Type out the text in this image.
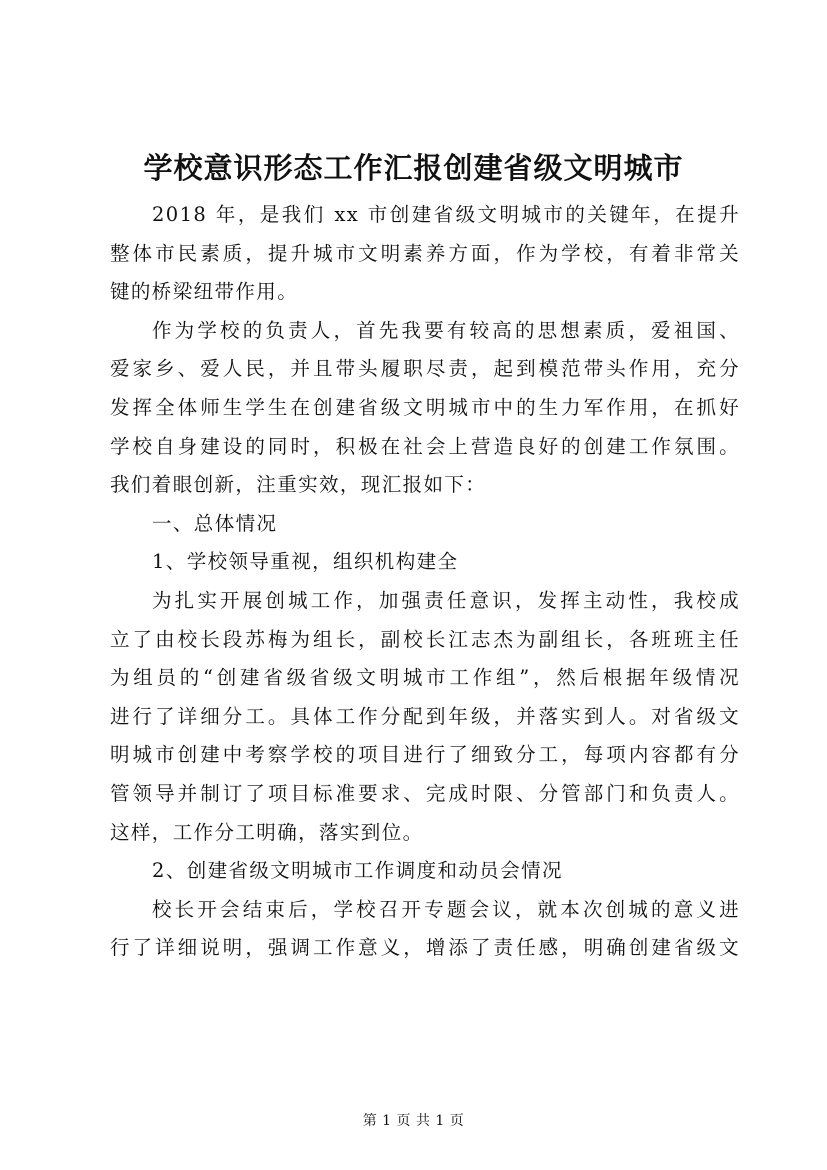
学校意识形态工作汇报创建省级文明城市
2018 年，是我们 xx 市创建省级文明城市的关键年，在提升
整体市民素质，提升城市文明素养方面，作为学校，有着非常关
键的桥梁纽带作用。
作为学校的负责人，首先我要有较高的思想素质，爱祖国、
爱家乡、爱人民，并且带头履职尽责，起到模范带头作用，充分
发挥全体师生学生在创建省级文明城市中的生力军作用，在抓好
学校自身建设的同时，积极在社会上营造良好的创建工作氛围。
我们着眼创新，注重实效，现汇报如下：
一、总体情况
1、学校领导重视，组织机构建全
为扎实开展创城工作，加强责任意识，发挥主动性，我校成
立了由校长段苏梅为组长，副校长江志杰为副组长，各班班主任
为组员的“创建省级省级文明城市工作组”，然后根据年级情况
进行了详细分工。具体工作分配到年级，并落实到人。对省级文
明城市创建中考察学校的项目进行了细致分工，每项内容都有分
管领导并制订了项目标准要求、完成时限、分管部门和负责人。
这样，工作分工明确，落实到位。
2、创建省级文明城市工作调度和动员会情况
校长开会结束后，学校召开专题会议，就本次创城的意义进
行了详细说明，强调工作意义，增添了责任感，明确创建省级文
第 1 页 共 1 页
